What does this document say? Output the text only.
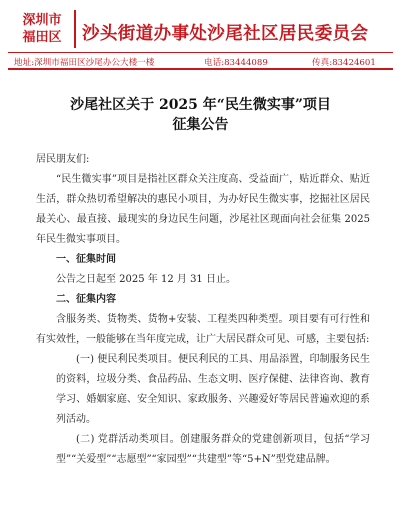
深圳市
福田区	沙头街道办事处沙尾社区居民委员会
地址:深圳市福田区沙尾办公大楼一楼	电话:83444089	传真:83424601
沙尾社区关于 2025 年“民生微实事”项目
征集公告

居民朋友们:

“民生微实事”项目是指社区群众关注度高、受益面广，贴近群众、贴近生活，群众热切希望解决的惠民小项目，为办好民生微实事，挖掘社区居民最关心、最直接、最现实的身边民生问题，沙尾社区现面向社会征集 2025 年民生微实事项目。

一、征集时间

公告之日起至 2025 年 12 月 31 日止。

二、征集内容

含服务类、货物类、货物+安装、工程类四种类型。项目要有可行性和有实效性，一般能够在当年度完成，让广大居民群众可见、可感，主要包括:

(一) 便民利民类项目。便民利民的工具、用品添置，印制服务民生的资料，垃圾分类、食品药品、生态文明、医疗保健、法律咨询、教育学习、婚姻家庭、安全知识、家政服务、兴趣爱好等居民普遍欢迎的系列活动。

(二) 党群活动类项目。创建服务群众的党建创新项目，包括“学习型”“关爱型”“志愿型”“家园型”“共建型”等“5+N”型党建品牌。
